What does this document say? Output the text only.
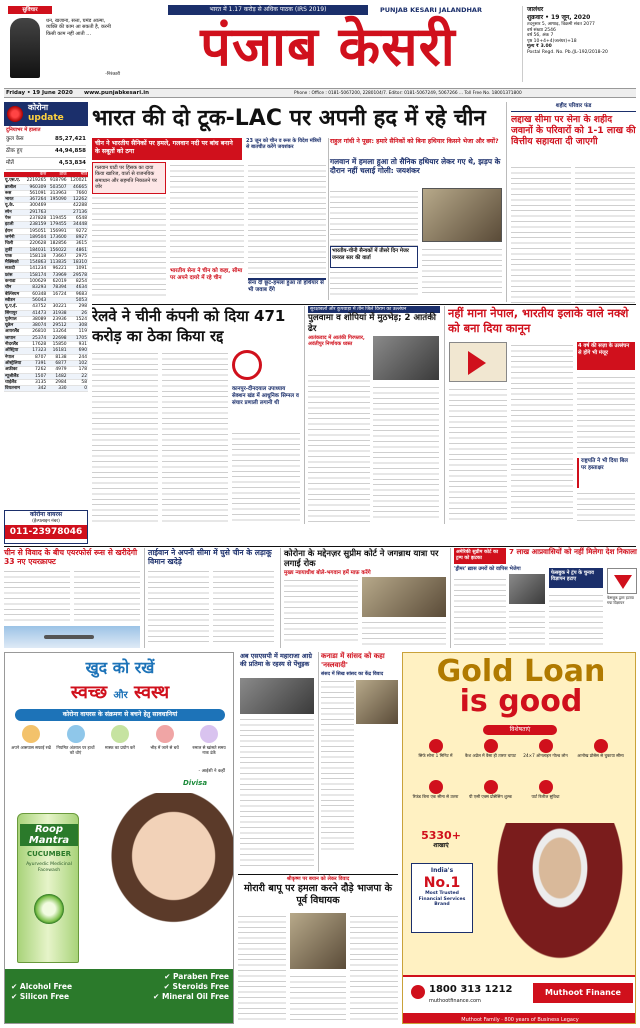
सुविचार
धन, खजाना, सत्ता, घमंड आत्मा, व्यक्ति की काम आ सकती है, करनी किसी काम नहीं आती ...
-निरंकारी
भारत में 1.17 करोड़ से अधिक पाठक (IRS 2019)	PUNJAB KESARI JALANDHAR
पंजाब केसरी
जालंधर
शुक्रवार • 19 जून, 2020
तदनुसार 5, आषाढ़, विक्रमी संवत 2077
वर्ष संख्या 2546
वर्ष 56, अंक 7
पृष्ठ 10+4+4(जलंधर)+18
मूल्य ₹ 3.00
Postal Regd. No. Pb./JL-192/2018-20
Friday • 19 June 2020 www.punjabkesari.in	Phone : Office : 0181-5067200, 2280104/7. Editor: 0181-5067249, 5067266 ... Toll Free No. 18001371800
कोरोना
update
दुनियाभर में हालात
कुल केस	85,27,421
ठीक हुए	44,94,858
मौतें	4,53,834
	केस	ठीक	मौतें
यू.एस.ए.	2219265	918796	120021
ब्राजील	960309	503507	46665
रूस	561091	313963	7660
भारत	367264	195090	12262
यू.के.	300469		42288
स्पेन	291763		27136
पेरू	237828	119455	6548
इटली	238159	179455	34448
ईरान	195051	156991	9272
जर्मनी	189504	173600	8927
चिली	220628	182856	3615
तुर्की	184031	156022	4861
पाक	158118	73667	2975
मैक्सिको	154863	113835	18310
सऊदी	141234	96221	1091
फ्रांस	158174	73969	29578
कनाडा	100629	62019	8254
चीन	83293	78394	4634
बेल्जियम	60348	16724	9683
स्वीडन	56043		5053
यू.ए.ई.	43752	30221	298
सिंगापुर	41473	31938	26
पुर्तगाल	38089	23936	1524
यूक्रेन	38074	29512	308
आयरलैंड	26810	13264	119
जापान	25374	22698	1705
नीदरलैंड	17628	15850	931
ऑस्ट्रिया	17323	16181	690
नेपाल	8707	8138	244
ऑस्ट्रेलिया	7391	6877	102
अफ्रीका	7262	4979	178
न्यूजीलैंड	1507	1482	22
थाईलैंड	3135	2984	58
वियतनाम	342	330	0
कोरोना वायरस
(हेल्पलाइन नंबर)
011-23978046
भारत की दो टूक-LAC पर अपनी हद में रहे चीन
चीन ने भारतीय सैनिकों पर हमले, गलवान नदी पर बांध बनाने के सबूतों को ठगा
23 जून को चीन व रूस के विदेश मंत्रियों से बातचीत करेंगे जयशंकर
भारतीय सेना ने चीन को कहा, सीमा पर अपने दायरे में रहे चीन
गलवान घाटी पर हिंसक का दावा किया खारिज, वार्ता से राजनयिक समाधान और सहमति निकालने पर जोर
सेना दी छूट-हमला हुआ तो हथियार से भी जवाब देंगे
राहुल गांधी ने पूछा: हमारे सैनिकों को बिना हथियार किसने भेजा और क्यों?
गलवान में हमला हुआ तो सैनिक हथियार लेकर गए थे, झड़प के दौरान नहीं चलाई गोली: जयशंकर
भारतीय-चीनी सैन्यकों में तीसरे दिन मेजर जनरल स्तर की वार्ता
शहीद परिवार फंड
लद्दाख सीमा पर सेना के शहीद जवानों के परिवारों को 1-1 लाख की वित्तीय सहायता दी जाएगी
रेलवे ने चीनी कंपनी को दिया 471 करोड़ का ठेका किया रद्द
कानपुर-दीनदयाल उपाध्याय सेक्शन खंड में आधुनिक सिग्नल व संचार प्रणाली लगानी थी
सुरक्षाबलों और कुपवाड़ा में तीन जिले विराम का उल्लंघन
पुलवामा व शोपियां में मुठभेड़; 2 आतंकी ढेर
आतंकवाद में आतंकी गिरफ्तार, अवंतीपुर निर्णायक ध्वस्त
नहीं माना नेपाल, भारतीय इलाके वाले नक्शे को बना दिया कानून
4 वर्ष की सज़ा के उल्लंघन से होंगे भी मंजूर
राष्ट्रपति ने भी दिया बिल पर हस्ताक्षर
चीन से विवाद के बीच एयरफोर्स रूस से खरीदेगी 33 नए एयरक्राफ्ट
ताईवान ने अपनी सीमा में घुसे चीन के लड़ाकू विमान खदेड़े
कोरोना के मद्देनज़र सुप्रीम कोर्ट ने जगन्नाथ यात्रा पर लगाई रोक
मुख्य न्यायाधीश बोले-भगवान हमें माफ़ करेंगे
अमेरिकी सुप्रीम कोर्ट का ट्रम्प को झटका
7 लाख आप्रवासियों को नहीं मिलेगा देश निकाला
'ड्रीमर' ख़ास उमरों को वापिस भेजेगा
फेसबुक ने ट्रंप के चुनाव विज्ञापन हटाए
फेसबुक द्वारा हटाया गया विज्ञापन
खुद को रखें
स्वच्छ और स्वस्थ
कोरोना वायरस के संक्रमण से बचने हेतु सावधानियां
अपने आसपास सफाई रखें नियमित अंतराल पर हाथों को धोएं
मास्क का प्रयोग करें	भीड़ में जाने से बचें	रुमाल से खांसते समय नाक ढंकें
- आईशी ने कहीं
Divisa
Roop Mantra
CUCUMBER
Ayurvedic Medicinal Facewash
✔ Paraben Free
✔ Alcohol Free	✔ Steroids Free
✔ Silicon Free	✔ Mineral Oil Free
अब एसएसपी में महाराजा आग्रे की प्रतिमा के रहस्य से पेंचुइक
कनाडा में सांसद को कहा 'नस्लवादी'
संसद में सिख सांसद का केंद्र विवाद
श्रीकृष्ण पर बयान को लेकर विवाद
मोरारी बापू पर हमला करने दौड़े भाजपा के पूर्व विधायक
Gold Loan
is good
विशेषताएं
सिर्फ सोना 1 मिनिट में	कैश अप्रेल में वैसा ही तारण चापट	24×7 ऑनलाइन गोल्ड लोन	आनोख प्रोसेस से चुकाया सीमा
रिफंड बिना एक सीमा से उत्तरा	पी एसी एक्स प्रोसेसिंग शुल्क	पार्ट रिलीज सुविधा
5330+
शाखाएं
India's
No.1
Most Trusted Financial Services Brand
1800 313 1212
muthootfinance.com
Muthoot Finance
Muthoot Family · 800 years of Business Legacy
